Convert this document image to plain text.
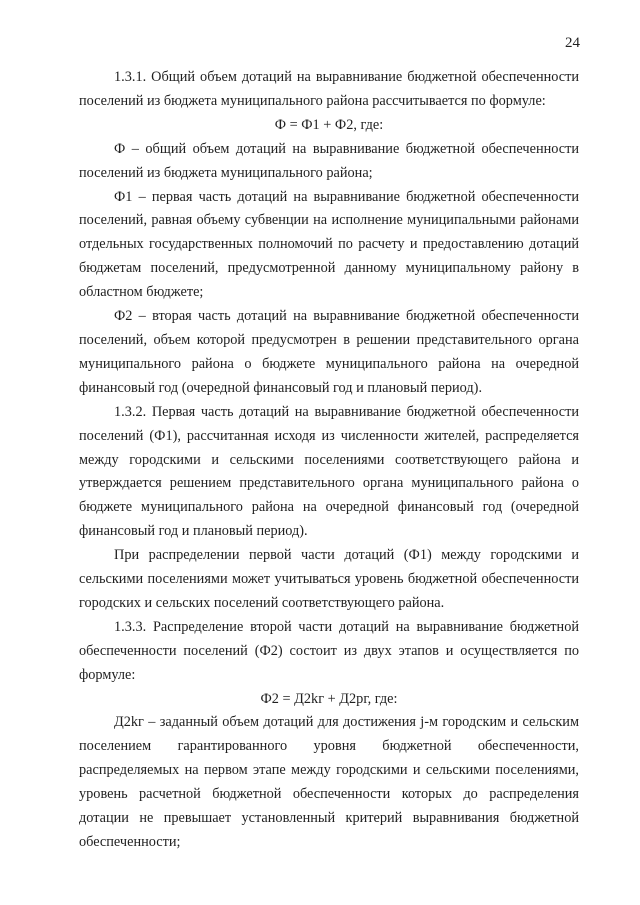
24

1.3.1. Общий объем дотаций на выравнивание бюджетной обеспеченности поселений из бюджета муниципального района рассчитывается по формуле:

Ф = Ф1 + Ф2, где:

Ф – общий объем дотаций на выравнивание бюджетной обеспеченности поселений из бюджета муниципального района;

Ф1 – первая часть дотаций на выравнивание бюджетной обеспеченности поселений, равная объему субвенции на исполнение муниципальными районами отдельных государственных полномочий по расчету и предоставлению дотаций бюджетам поселений, предусмотренной данному муниципальному району в областном бюджете;

Ф2 – вторая часть дотаций на выравнивание бюджетной обеспеченности поселений, объем которой предусмотрен в решении представительного органа муниципального района о бюджете муниципального района на очередной финансовый год (очередной финансовый год и плановый период).

1.3.2. Первая часть дотаций на выравнивание бюджетной обеспеченности поселений (Ф1), рассчитанная исходя из численности жителей, распределяется между городскими и сельскими поселениями соответствующего района и утверждается решением представительного органа муниципального района о бюджете муниципального района на очередной финансовый год (очередной финансовый год и плановый период).

При распределении первой части дотаций (Ф1) между городскими и сельскими поселениями может учитываться уровень бюджетной обеспеченности городских и сельских поселений соответствующего района.

1.3.3. Распределение второй части дотаций на выравнивание бюджетной обеспеченности поселений (Ф2) состоит из двух этапов и осуществляется по формуле:

Ф2 = Д2kг + Д2рг, где:

Д2kг – заданный объем дотаций для достижения j-м городским и сельским поселением гарантированного уровня бюджетной обеспеченности, распределяемых на первом этапе между городскими и сельскими поселениями, уровень расчетной бюджетной обеспеченности которых до распределения дотации не превышает установленный критерий выравнивания бюджетной обеспеченности;
